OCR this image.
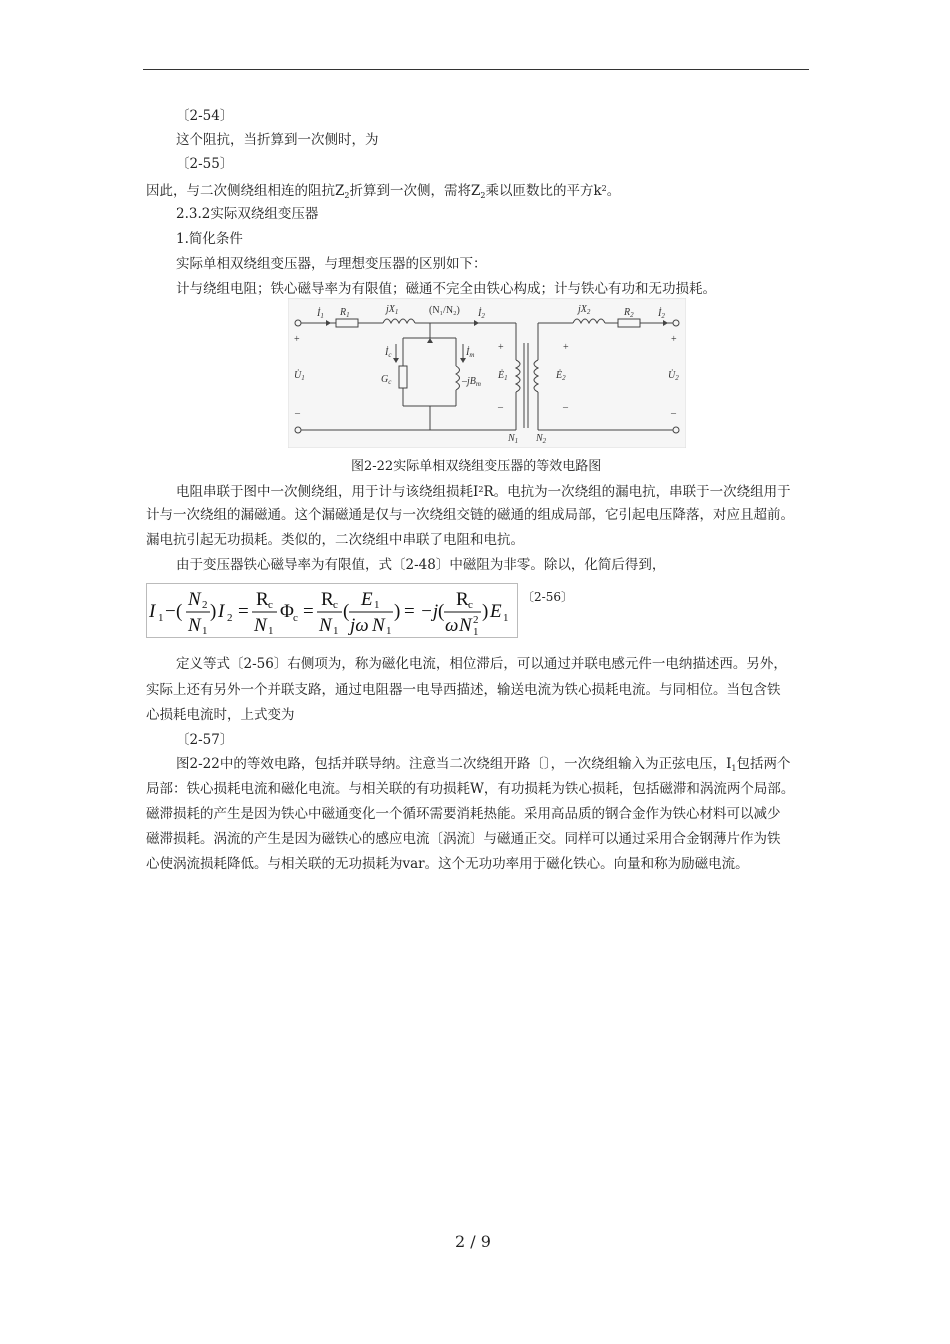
〔2-54〕
这个阻抗，当折算到一次侧时，为
〔2-55〕
因此，与二次侧绕组相连的阻抗$Z_2$折算到一次侧，需将$Z_2$乘以匝数比的平方$k^2$。
2.3.2实际双绕组变压器
1.简化条件
实际单相双绕组变压器，与理想变压器的区别如下：
计与绕组电阻；铁心磁导率为有限值；磁通不完全由铁心构成；计与铁心有功和无功损耗。
$İ_1$ $R_1$	$jX_1$	(N₁/N₂) $İ_2$
$jX_2$	$R_2$ $İ_2$
$İ_c$	$İ_m$
$G_c$	$-jB_m$
$U̇_1$	$Ė_1$	$Ė_2$	$U̇_2$
$N_1$ $N_2$
+
–
+
–
+
–
+
–
图2-22实际单相双绕组变压器的等效电路图
电阻串联于图中一次侧绕组，用于计与该绕组损耗$I^2R$。电抗为一次绕组的漏电抗，串联于一次绕组用于
计与一次绕组的漏磁通。这个漏磁通是仅与一次绕组交链的磁通的组成局部，它引起电压降落，对应且超前。
漏电抗引起无功损耗。类似的，二次绕组中串联了电阻和电抗。
由于变压器铁心磁导率为有限值，式〔2-48〕中磁阻为非零。除以，化简后得到，
I 1 − (
N 2
N 1
) I 2 =
R c
N 1
Φ c =
R c
N 1
(
E 1
jω N 1
) = −j (
R c
ω N 1
2 ) E 1
〔2-56〕
定义等式〔2-56〕右侧项为，称为磁化电流，相位滞后，可以通过并联电感元件一电纳描述西。另外，
实际上还有另外一个并联支路，通过电阻器一电导西描述，输送电流为铁心损耗电流。与同相位。当包含铁
心损耗电流时，上式变为
〔2-57〕
图2-22中的等效电路，包括并联导纳。注意当二次绕组开路〔〕，一次绕组输入为正弦电压，$I_1$包括两个
局部：铁心损耗电流和磁化电流。与相关联的有功损耗W，有功损耗为铁心损耗，包括磁滞和涡流两个局部。
磁滞损耗的产生是因为铁心中磁通变化一个循环需要消耗热能。采用高品质的钢合金作为铁心材料可以减少
磁滞损耗。涡流的产生是因为磁铁心的感应电流〔涡流〕与磁通正交。同样可以通过采用合金钢薄片作为铁
心使涡流损耗降低。与相关联的无功损耗为var。这个无功功率用于磁化铁心。向量和称为励磁电流。
2 / 9
